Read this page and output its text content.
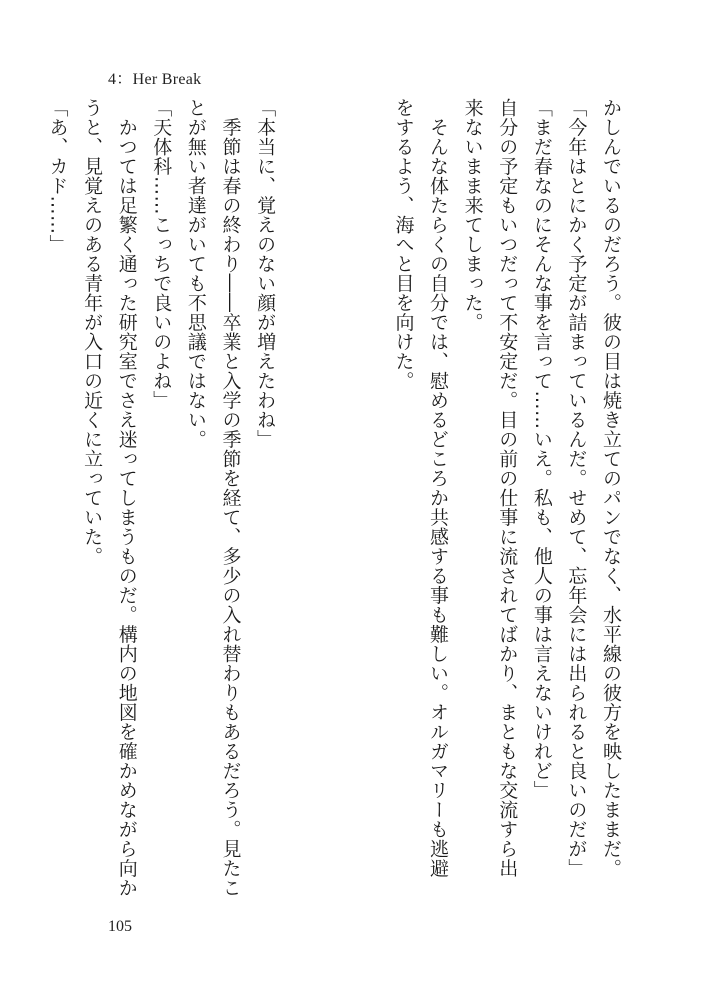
4：Her Break
かしんでいるのだろう。彼の目は焼き立てのパンでなく、水平線の彼方を映したままだ。
「今年はとにかく予定が詰まっているんだ。せめて、忘年会には出られると良いのだが」
「まだ春なのにそんな事を言って……いえ。私も、他人の事は言えないけれど」
自分の予定もいつだって不安定だ。目の前の仕事に流されてばかり、まともな交流すら出
来ないまま来てしまった。
　そんな体たらくの自分では、慰めるどころか共感する事も難しい。オルガマリーも逃避
をするよう、海へと目を向けた。
「本当に、覚えのない顔が増えたわね」
　季節は春の終わり――卒業と入学の季節を経て、多少の入れ替わりもあるだろう。見たこ
とが無い者達がいても不思議ではない。
「天体科……こっちで良いのよね」
　かつては足繁く通った研究室でさえ迷ってしまうものだ。構内の地図を確かめながら向か
うと、見覚えのある青年が入口の近くに立っていた。
「あ、カド……」
105
